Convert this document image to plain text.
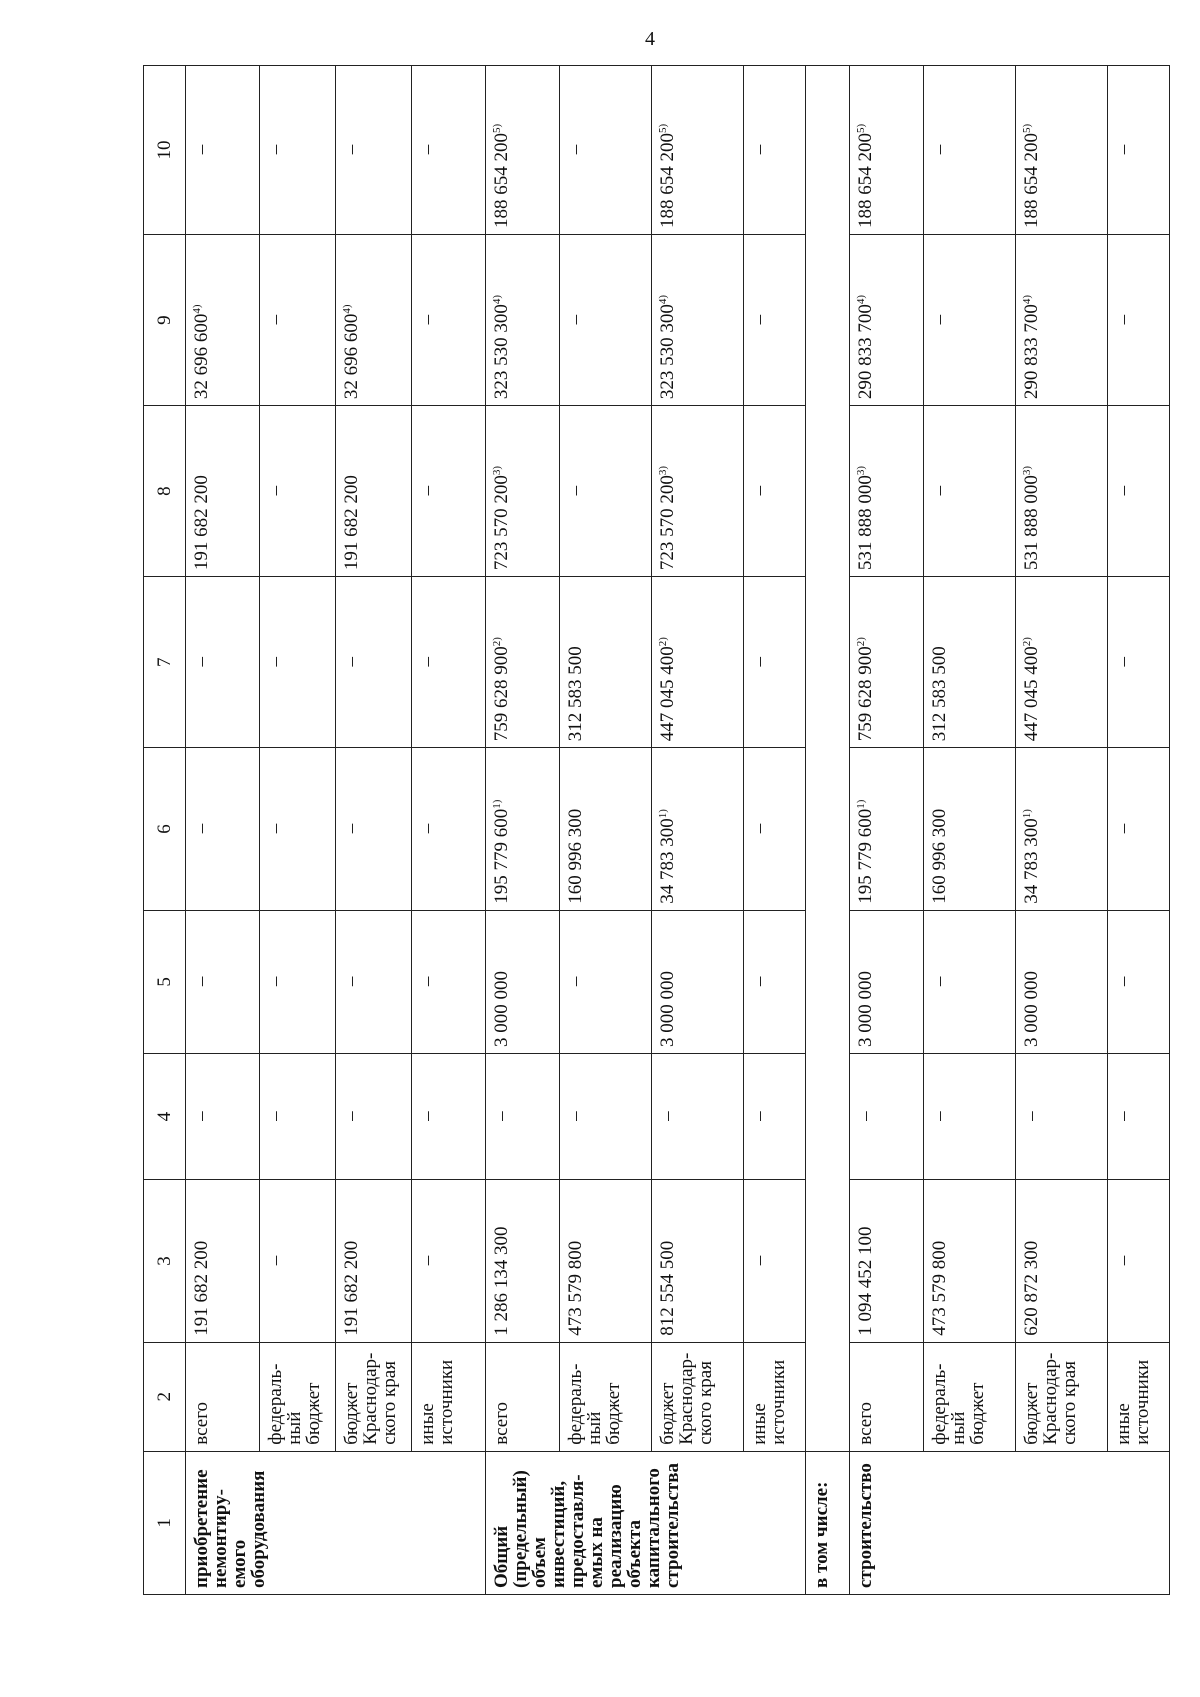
4
1	2	3	4	5	6	7	8	9	10
приобретение немонтиру-емого оборудования	всего	191 682 200	–	–	–	–	191 682 200	32 696 600$^{4)}$	–
	федераль-ный бюджет	–	–	–	–	–	–	–	–
	бюджет Краснодар-ского края	191 682 200	–	–	–	–	191 682 200	32 696 600$^{4)}$	–
	иные источники	–	–	–	–	–	–	–	–
Общий (предельный) объем инвестиций, предоставля-емых на реализацию объекта капитального строительства	всего	1 286 134 300	–	3 000 000	195 779 600$^{1)}$	759 628 900$^{2)}$	723 570 200$^{3)}$	323 530 300$^{4)}$	188 654 200$^{5)}$
	федераль-ный бюджет	473 579 800	–	–	160 996 300	312 583 500	–	–	–
	бюджет Краснодар-ского края	812 554 500	–	3 000 000	34 783 300$^{1)}$	447 045 400$^{2)}$	723 570 200$^{3)}$	323 530 300$^{4)}$	188 654 200$^{5)}$
	иные источники	–	–	–	–	–	–	–	–
в том числе:									
строительство	всего	1 094 452 100	–	3 000 000	195 779 600$^{1)}$	759 628 900$^{2)}$	531 888 000$^{3)}$	290 833 700$^{4)}$	188 654 200$^{5)}$
	федераль-ный бюджет	473 579 800	–	–	160 996 300	312 583 500	–	–	–
	бюджет Краснодар-ского края	620 872 300	–	3 000 000	34 783 300$^{1)}$	447 045 400$^{2)}$	531 888 000$^{3)}$	290 833 700$^{4)}$	188 654 200$^{5)}$
	иные источники	–	–	–	–	–	–	–	–
